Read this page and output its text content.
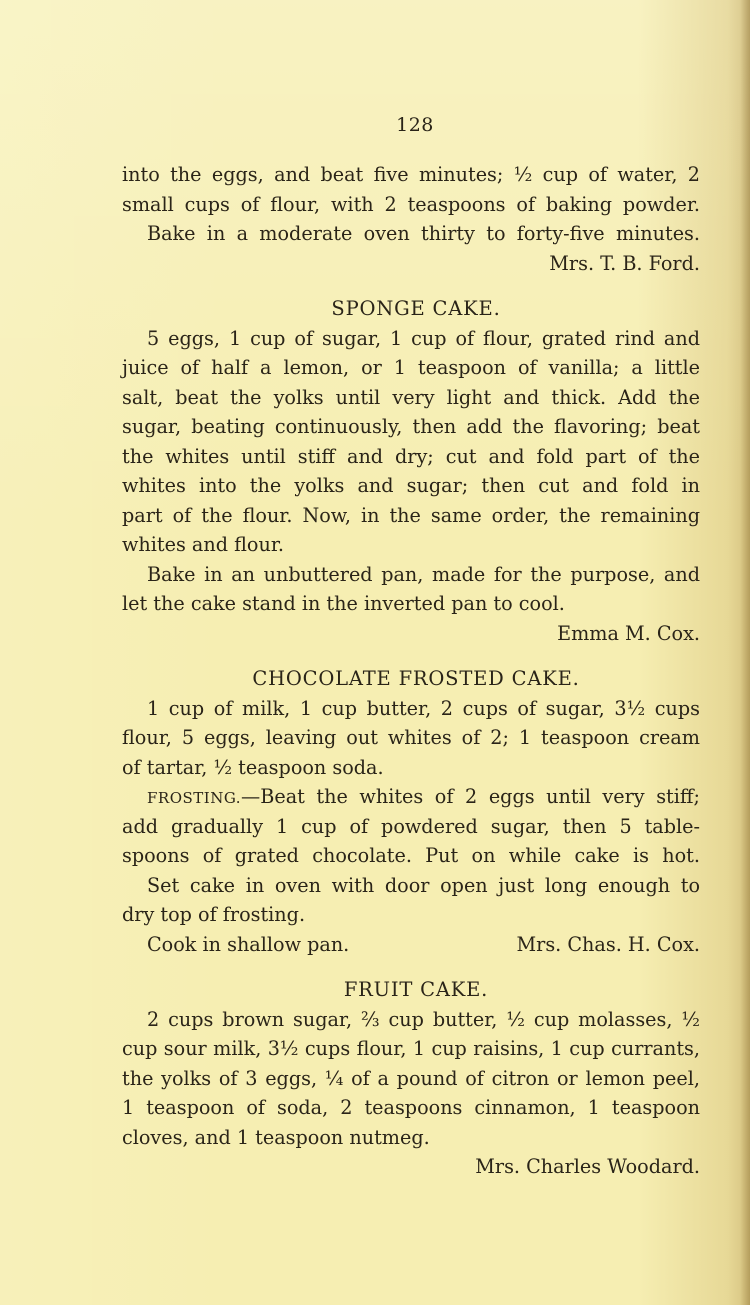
128
into the eggs, and beat five minutes; ½ cup of water, 2
small cups of flour, with 2 teaspoons of baking powder.
Bake in a moderate oven thirty to forty-five minutes.
Mrs. T. B. Ford.
SPONGE CAKE.
5 eggs, 1 cup of sugar, 1 cup of flour, grated rind and
juice of half a lemon, or 1 teaspoon of vanilla; a little
salt, beat the yolks until very light and thick. Add the
sugar, beating continuously, then add the flavoring; beat
the whites until stiff and dry; cut and fold part of the
whites into the yolks and sugar; then cut and fold in
part of the flour. Now, in the same order, the remaining
whites and flour.
Bake in an unbuttered pan, made for the purpose, and
let the cake stand in the inverted pan to cool.
Emma M. Cox.
CHOCOLATE FROSTED CAKE.
1 cup of milk, 1 cup butter, 2 cups of sugar, 3½ cups
flour, 5 eggs, leaving out whites of 2; 1 teaspoon cream
of tartar, ½ teaspoon soda.
FROSTING.—Beat the whites of 2 eggs until very stiff;
add gradually 1 cup of powdered sugar, then 5 table-
spoons of grated chocolate. Put on while cake is hot.
Set cake in oven with door open just long enough to
dry top of frosting.
Cook in shallow pan.	Mrs. Chas. H. Cox.
FRUIT CAKE.
2 cups brown sugar, ⅔ cup butter, ½ cup molasses, ½
cup sour milk, 3½ cups flour, 1 cup raisins, 1 cup currants,
the yolks of 3 eggs, ¼ of a pound of citron or lemon peel,
1 teaspoon of soda, 2 teaspoons cinnamon, 1 teaspoon
cloves, and 1 teaspoon nutmeg.
Mrs. Charles Woodard.
